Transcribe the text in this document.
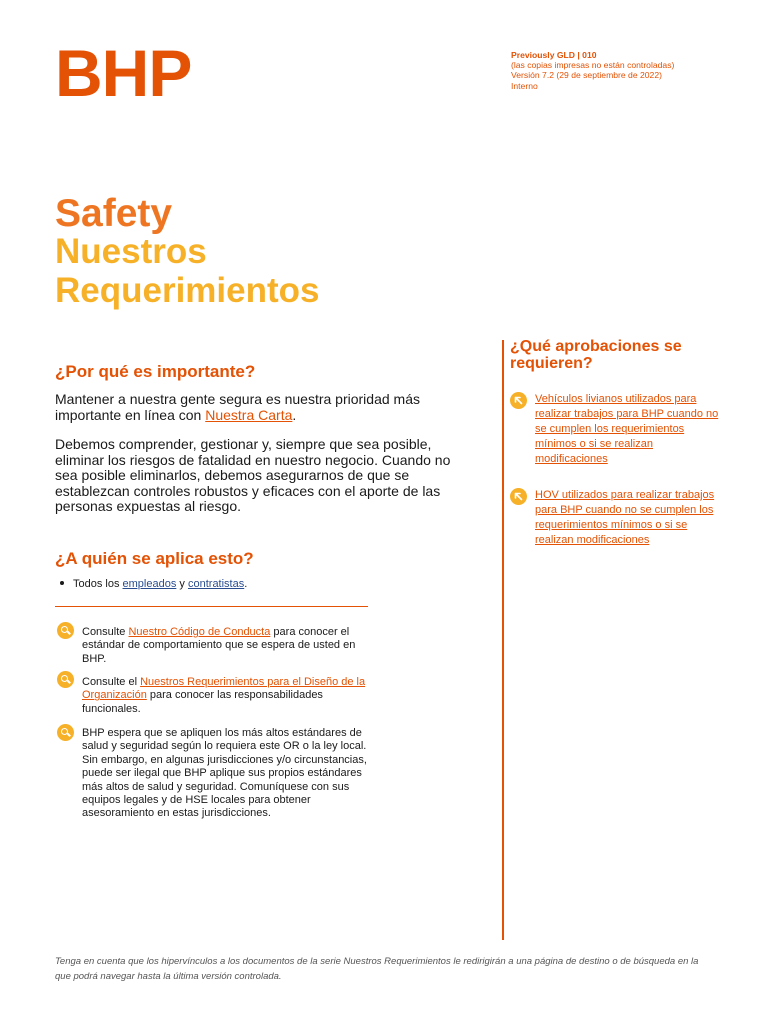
BHP	Previously GLD | 010
(las copias impresas no están controladas)
Versión 7.2 (29 de septiembre de 2022)
Interno
Safety
Nuestros
Requerimientos
¿Por qué es importante?
Mantener a nuestra gente segura es nuestra prioridad más importante en línea con Nuestra Carta.
Debemos comprender, gestionar y, siempre que sea posible, eliminar los riesgos de fatalidad en nuestro negocio. Cuando no sea posible eliminarlos, debemos asegurarnos de que se establezcan controles robustos y eficaces con el aporte de las personas expuestas al riesgo.
¿A quién se aplica esto?
Todos los empleados y contratistas.
Consulte Nuestro Código de Conducta para conocer el estándar de comportamiento que se espera de usted en BHP.
Consulte el Nuestros Requerimientos para el Diseño de la Organización para conocer las responsabilidades funcionales.
BHP espera que se apliquen los más altos estándares de salud y seguridad según lo requiera este OR o la ley local. Sin embargo, en algunas jurisdicciones y/o circunstancias, puede ser ilegal que BHP aplique sus propios estándares más altos de salud y seguridad. Comuníquese con sus equipos legales y de HSE locales para obtener asesoramiento en estas jurisdicciones.
¿Qué aprobaciones se requieren?
Vehículos livianos utilizados para realizar trabajos para BHP cuando no se cumplen los requerimientos mínimos o si se realizan modificaciones
HOV utilizados para realizar trabajos para BHP cuando no se cumplen los requerimientos mínimos o si se realizan modificaciones
Tenga en cuenta que los hipervínculos a los documentos de la serie Nuestros Requerimientos le redirigirán a una página de destino o de búsqueda en la que podrá navegar hasta la última versión controlada.
